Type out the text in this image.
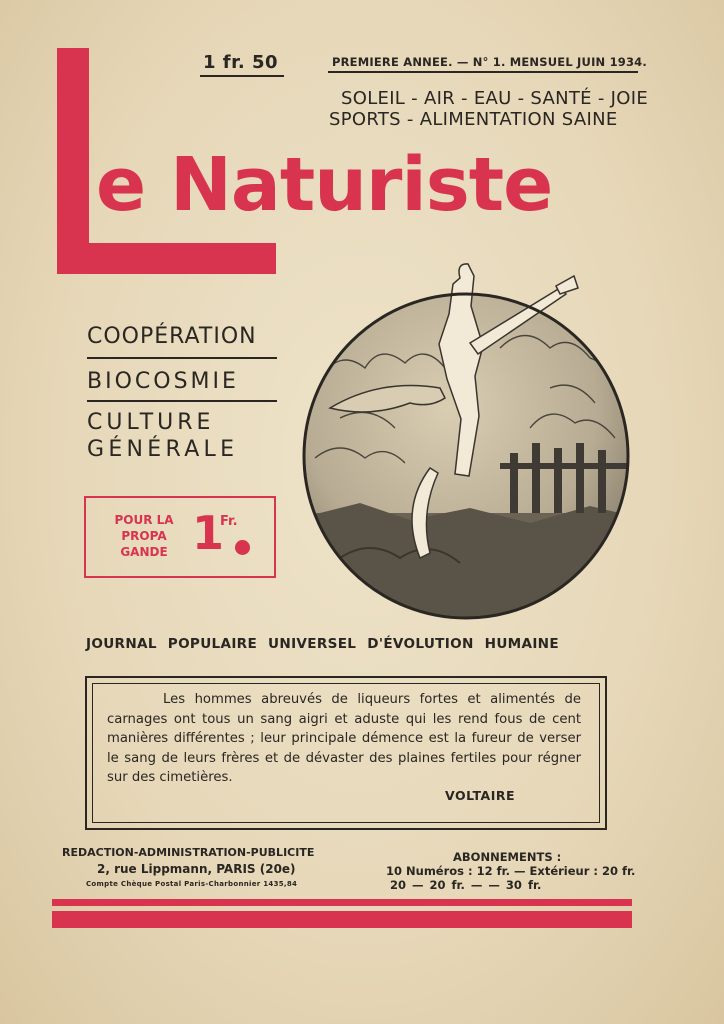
1 fr. 50	PREMIERE ANNEE. — N° 1. MENSUEL JUIN 1934.
SOLEIL - AIR - EAU - SANTÉ - JOIE
SPORTS - ALIMENTATION SAINE
e Naturiste
COOPÉRATION
BIOCOSMIE
CULTURE
GÉNÉRALE
POUR LA PROPA GANDE 1
Fr.
JOURNAL POPULAIRE UNIVERSEL D'ÉVOLUTION HUMAINE
Les hommes abreuvés de liqueurs fortes et alimentés de carnages ont tous un sang aigri et aduste qui les rend fous de cent manières différentes ; leur principale démence est la fureur de verser le sang de leurs frères et de dévaster des plaines fertiles pour régner sur des cimetières.
VOLTAIRE
REDACTION-ADMINISTRATION-PUBLICITE
2, rue Lippmann, PARIS (20e)
Compte Chèque Postal Paris-Charbonnier 1435,84
ABONNEMENTS :
10 Numéros : 12 fr. — Extérieur : 20 fr.
20 — 20 fr. — — 30 fr.
